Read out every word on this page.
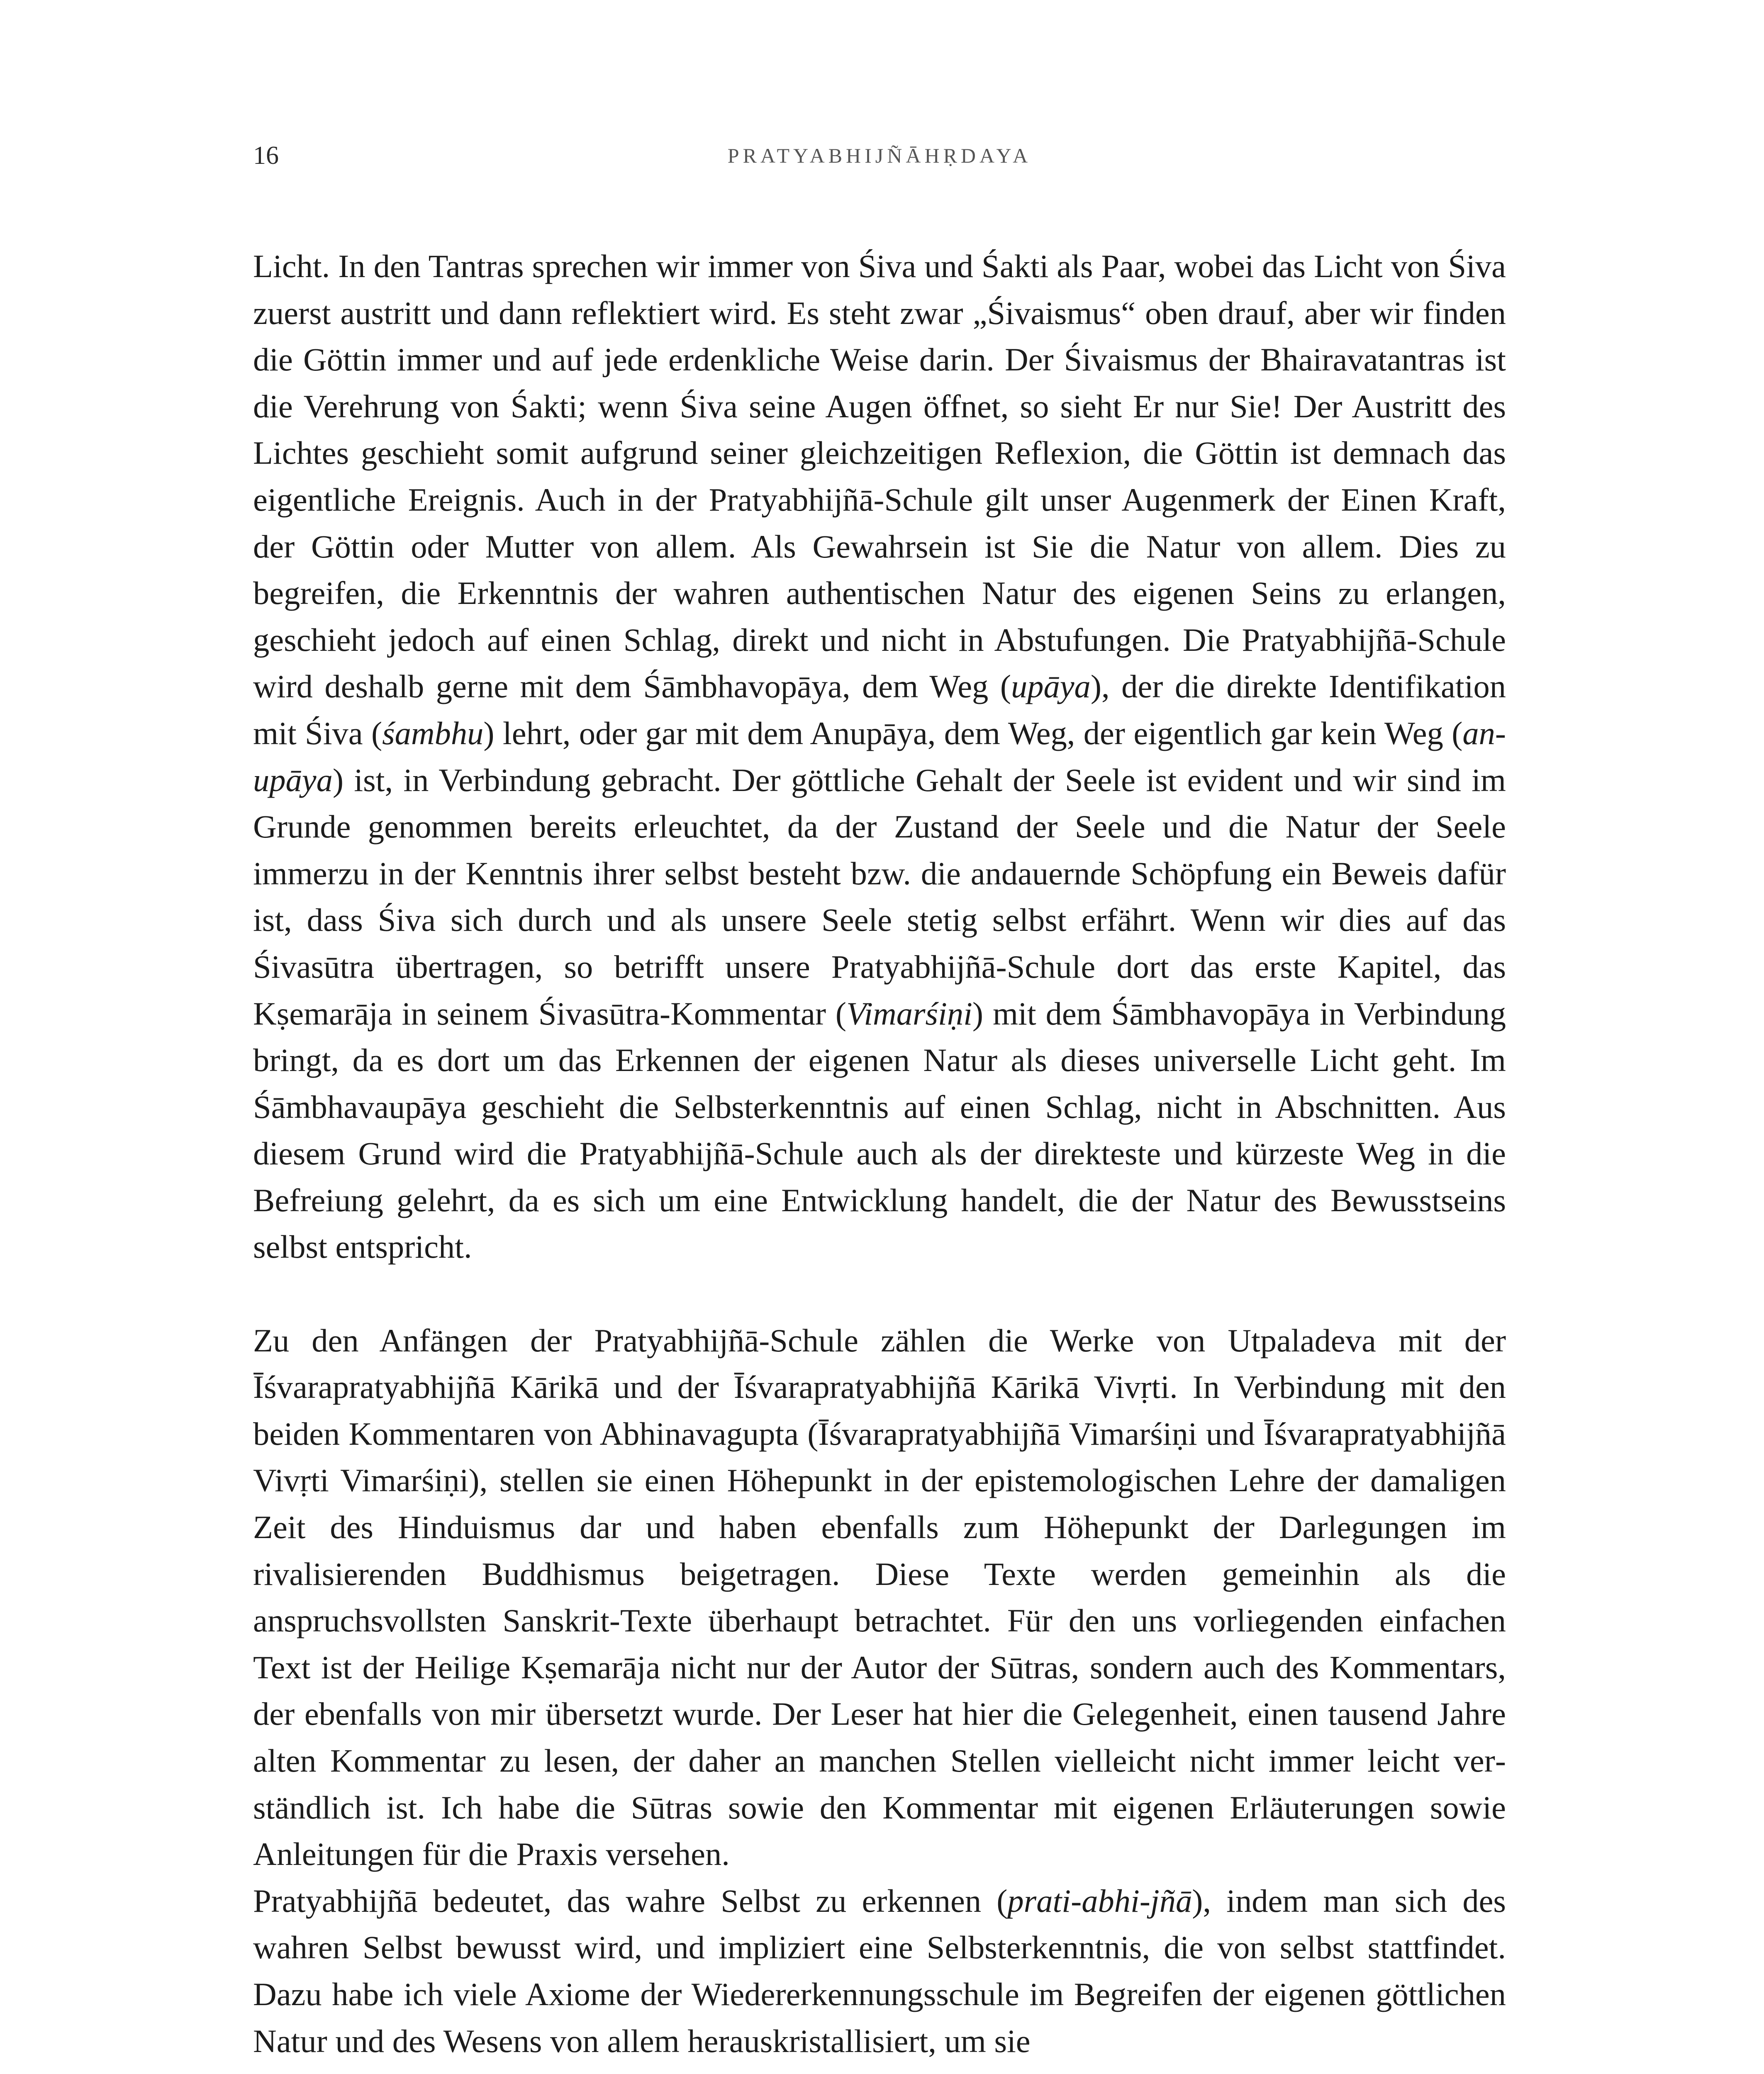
16	PRATYABHIJÑĀHṚDAYA

Licht. In den Tantras sprechen wir immer von Śiva und Śakti als Paar, wobei das Licht von Śiva zuerst austritt und dann reflektiert wird. Es steht zwar „Śivaismus“ oben drauf, aber wir finden die Göttin immer und auf jede erdenkliche Weise darin. Der Śivaismus der Bhairavatantras ist die Verehrung von Śakti; wenn Śiva seine Augen öffnet, so sieht Er nur Sie! Der Austritt des Lichtes geschieht somit aufgrund seiner gleichzeitigen Reflexion, die Göttin ist demnach das eigentliche Ereignis. Auch in der Pratyabhijñā-Schule gilt unser Augenmerk der Einen Kraft, der Göttin oder Mutter von allem. Als Gewahrsein ist Sie die Natur von allem. Dies zu begreifen, die Erkenntnis der wahren authentischen Natur des eigenen Seins zu erlangen, geschieht jedoch auf einen Schlag, direkt und nicht in Abstufungen. Die Pratyabhijñā-Schule wird deshalb gerne mit dem Śāmbhavopāya, dem Weg (upāya), der die direkte Identifikation mit Śiva (śambhu) lehrt, oder gar mit dem Anupāya, dem Weg, der eigentlich gar kein Weg (an-upāya) ist, in Verbindung gebracht. Der göttliche Gehalt der Seele ist evident und wir sind im Grunde genommen bereits erleuchtet, da der Zustand der Seele und die Natur der Seele immerzu in der Kenntnis ihrer selbst besteht bzw. die andauernde Schöpfung ein Beweis dafür ist, dass Śiva sich durch und als unsere Seele stetig selbst erfährt. Wenn wir dies auf das Śivasūtra übertragen, so betrifft unsere Pratyabhijñā-Schule dort das erste Kapitel, das Kṣemarāja in seinem Śivasūtra-Kommentar (Vimarśiṇi) mit dem Śāmbhavopāya in Verbindung bringt, da es dort um das Erkennen der eigenen Natur als dieses universelle Licht geht. Im Śāmbhavaupāya geschieht die Selbsterkenntnis auf einen Schlag, nicht in Abschnitten. Aus diesem Grund wird die Pratyabhijñā-Schule auch als der direkteste und kürzeste Weg in die Befreiung gelehrt, da es sich um eine Entwicklung handelt, die der Natur des Bewusstseins selbst entspricht.

Zu den Anfängen der Pratyabhijñā-Schule zählen die Werke von Utpaladeva mit der Īśvarapratyabhijñā Kārikā und der Īśvarapratyabhijñā Kārikā Vivṛti. In Verbindung mit den beiden Kommentaren von Abhinavagupta (Īśvarapratyabhijñā Vimarśiṇi und Īśvarapratyabhijñā Vivṛti Vimarśiṇi), stellen sie einen Höhepunkt in der epistemologischen Lehre der damaligen Zeit des Hinduismus dar und haben ebenfalls zum Höhepunkt der Darlegungen im rivalisierenden Buddhismus beigetragen. Diese Texte werden gemeinhin als die anspruchsvollsten Sanskrit-Texte überhaupt betrachtet. Für den uns vorliegenden einfachen Text ist der Heilige Kṣemarāja nicht nur der Autor der Sūtras, sondern auch des Kommentars, der ebenfalls von mir übersetzt wurde. Der Leser hat hier die Gelegenheit, einen tausend Jahre alten Kommentar zu lesen, der daher an manchen Stellen vielleicht nicht immer leicht verständlich ist. Ich habe die Sūtras sowie den Kommentar mit eigenen Erläuterungen sowie Anleitungen für die Praxis versehen.

Pratyabhijñā bedeutet, das wahre Selbst zu erkennen (prati-abhi-jñā), indem man sich des wahren Selbst bewusst wird, und impliziert eine Selbsterkenntnis, die von selbst stattfindet. Dazu habe ich viele Axiome der Wiedererkennungsschule im Begreifen der eigenen göttlichen Natur und des Wesens von allem herauskristallisiert, um sie
